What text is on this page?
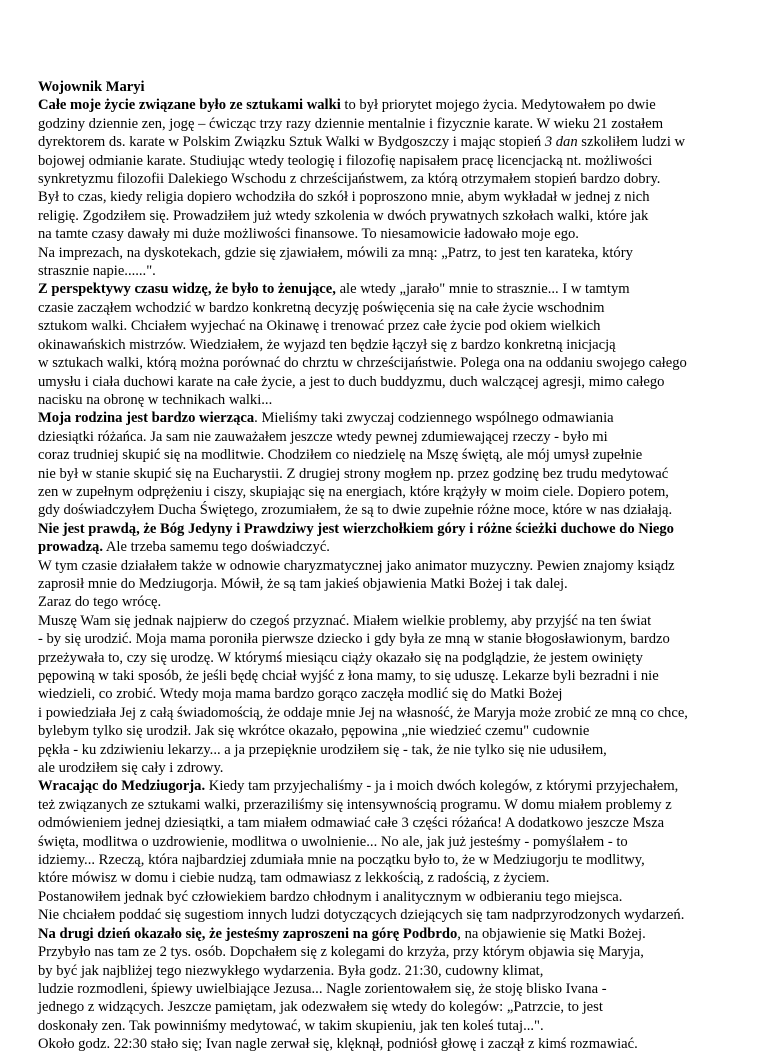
Wojownik Maryi
Całe moje życie związane było ze sztukami walki to był priorytet mojego życia. Medytowałem po dwie
godziny dziennie zen, jogę – ćwicząc trzy razy dziennie mentalnie i fizycznie karate. W wieku 21 zostałem
dyrektorem ds. karate w Polskim Związku Sztuk Walki w Bydgoszczy i mając stopień 3 dan szkoliłem ludzi w
bojowej odmianie karate. Studiując wtedy teologię i filozofię napisałem pracę licencjacką nt. możliwości
synkretyzmu filozofii Dalekiego Wschodu z chrześcijaństwem, za którą otrzymałem stopień bardzo dobry.
Był to czas, kiedy religia dopiero wchodziła do szkół i poproszono mnie, abym wykładał w jednej z nich
religię. Zgodziłem się. Prowadziłem już wtedy szkolenia w dwóch prywatnych szkołach walki, które jak
na tamte czasy dawały mi duże możliwości finansowe. To niesamowicie ładowało moje ego.
Na imprezach, na dyskotekach, gdzie się zjawiałem, mówili za mną: „Patrz, to jest ten karateka, który
strasznie napie......".
Z perspektywy czasu widzę, że było to żenujące, ale wtedy „jarało" mnie to strasznie... I w tamtym
czasie zacząłem wchodzić w bardzo konkretną decyzję poświęcenia się na całe życie wschodnim
sztukom walki. Chciałem wyjechać na Okinawę i trenować przez całe życie pod okiem wielkich
okinawańskich mistrzów. Wiedziałem, że wyjazd ten będzie łączył się z bardzo konkretną inicjacją
w sztukach walki, którą można porównać do chrztu w chrześcijaństwie. Polega ona na oddaniu swojego całego
umysłu i ciała duchowi karate na całe życie, a jest to duch buddyzmu, duch walczącej agresji, mimo całego
nacisku na obronę w technikach walki...
Moja rodzina jest bardzo wierząca. Mieliśmy taki zwyczaj codziennego wspólnego odmawiania
dziesiątki różańca. Ja sam nie zauważałem jeszcze wtedy pewnej zdumiewającej rzeczy - było mi
coraz trudniej skupić się na modlitwie. Chodziłem co niedzielę na Mszę świętą, ale mój umysł zupełnie
nie był w stanie skupić się na Eucharystii. Z drugiej strony mogłem np. przez godzinę bez trudu medytować
zen w zupełnym odprężeniu i ciszy, skupiając się na energiach, które krążyły w moim ciele. Dopiero potem,
gdy doświadczyłem Ducha Świętego, zrozumiałem, że są to dwie zupełnie różne moce, które w nas działają.
Nie jest prawdą, że Bóg Jedyny i Prawdziwy jest wierzchołkiem góry i różne ścieżki duchowe do Niego
prowadzą. Ale trzeba samemu tego doświadczyć.
W tym czasie działałem także w odnowie charyzmatycznej jako animator muzyczny. Pewien znajomy ksiądz
zaprosił mnie do Medziugorja. Mówił, że są tam jakieś objawienia Matki Bożej i tak dalej.
Zaraz do tego wrócę.
Muszę Wam się jednak najpierw do czegoś przyznać. Miałem wielkie problemy, aby przyjść na ten świat
- by się urodzić. Moja mama poroniła pierwsze dziecko i gdy była ze mną w stanie błogosławionym, bardzo
przeżywała to, czy się urodzę. W którymś miesiącu ciąży okazało się na podglądzie, że jestem owinięty
pępowiną w taki sposób, że jeśli będę chciał wyjść z łona mamy, to się uduszę. Lekarze byli bezradni i nie
wiedzieli, co zrobić. Wtedy moja mama bardzo gorąco zaczęła modlić się do Matki Bożej
i powiedziała Jej z całą świadomością, że oddaje mnie Jej na własność, że Maryja może zrobić ze mną co chce,
bylebym tylko się urodził. Jak się wkrótce okazało, pępowina „nie wiedzieć czemu" cudownie
pękła - ku zdziwieniu lekarzy... a ja przepięknie urodziłem się - tak, że nie tylko się nie udusiłem,
ale urodziłem się cały i zdrowy.
Wracając do Medziugorja. Kiedy tam przyjechaliśmy - ja i moich dwóch kolegów, z którymi przyjechałem,
też związanych ze sztukami walki, przeraziliśmy się intensywnością programu. W domu miałem problemy z
odmówieniem jednej dziesiątki, a tam miałem odmawiać całe 3 części różańca! A dodatkowo jeszcze Msza
święta, modlitwa o uzdrowienie, modlitwa o uwolnienie... No ale, jak już jesteśmy - pomyślałem - to
idziemy... Rzeczą, która najbardziej zdumiała mnie na początku było to, że w Medziugorju te modlitwy,
które mówisz w domu i ciebie nudzą, tam odmawiasz z lekkością, z radością, z życiem.
Postanowiłem jednak być człowiekiem bardzo chłodnym i analitycznym w odbieraniu tego miejsca.
Nie chciałem poddać się sugestiom innych ludzi dotyczących dziejących się tam nadprzyrodzonych wydarzeń.
Na drugi dzień okazało się, że jesteśmy zaproszeni na górę Podbrdo, na objawienie się Matki Bożej.
Przybyło nas tam ze 2 tys. osób. Dopchałem się z kolegami do krzyża, przy którym objawia się Maryja,
by być jak najbliżej tego niezwykłego wydarzenia. Była godz. 21:30, cudowny klimat,
ludzie rozmodleni, śpiewy uwielbiające Jezusa... Nagle zorientowałem się, że stoję blisko Ivana -
jednego z widzących. Jeszcze pamiętam, jak odezwałem się wtedy do kolegów: „Patrzcie, to jest
doskonały zen. Tak powinniśmy medytować, w takim skupieniu, jak ten koleś tutaj...".
Około godz. 22:30 stało się; Ivan nagle zerwał się, klęknął, podniósł głowę i zaczął z kimś rozmawiać.
